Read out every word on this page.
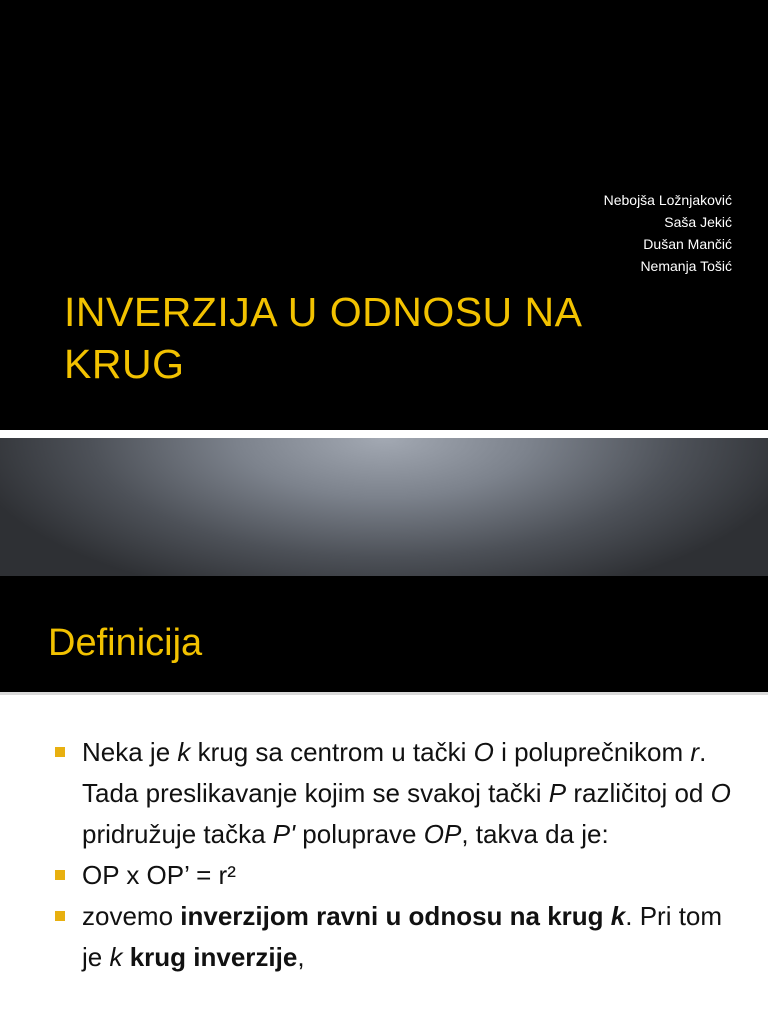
Nebojša Ložnjaković
Saša Jekić
Dušan Mančić
Nemanja Tošić
INVERZIJA U ODNOSU NA
KRUG
Definicija
Neka je k krug sa centrom u tački O i poluprečnikom r. Tada preslikavanje kojim se svakoj tački P različitoj od O pridružuje tačka P' poluprave OP, takva da je:
OP x OP’ = r²
zovemo inverzijom ravni u odnosu na krug k. Pri tom je k krug inverzije,
